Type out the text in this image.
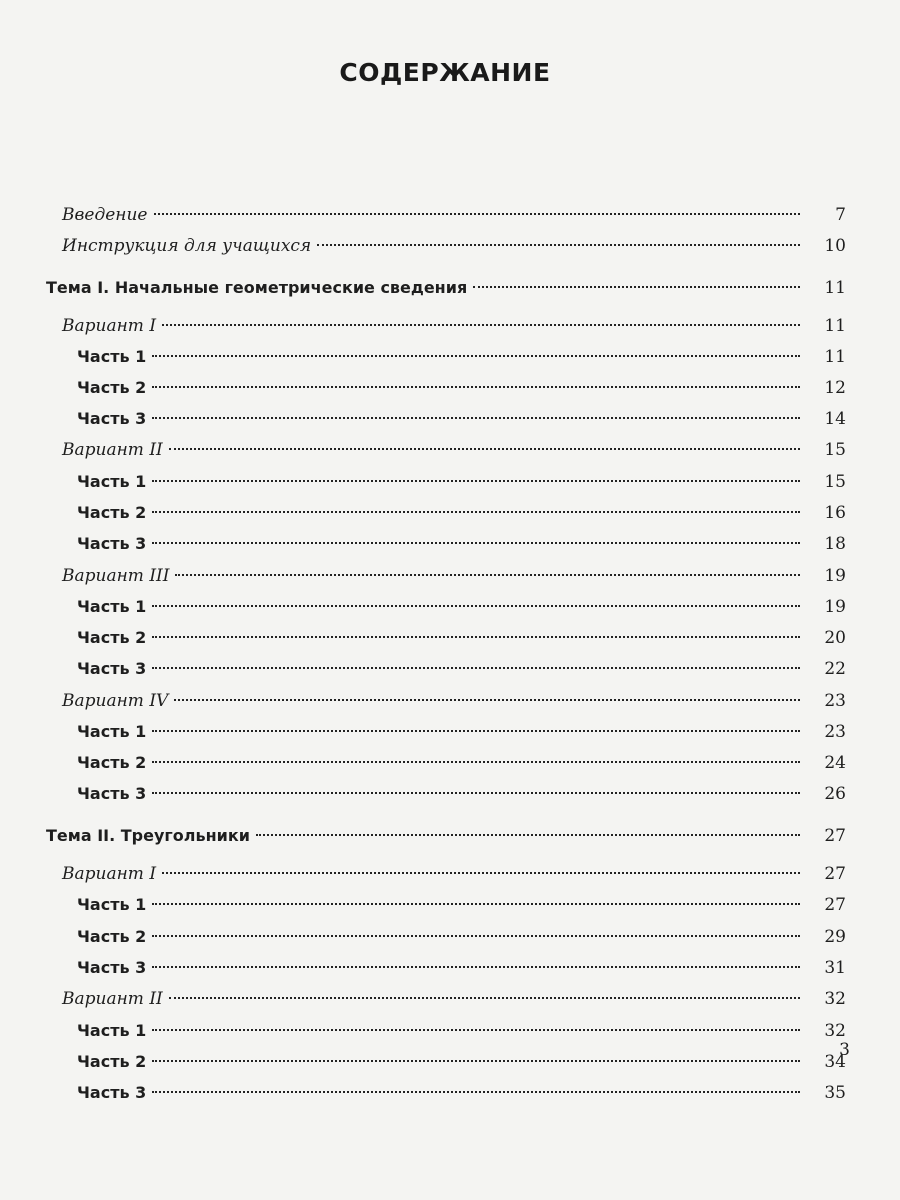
СОДЕРЖАНИЕ
Введение	7
Инструкция для учащихся	10
Тема I. Начальные геометрические сведения	11
Вариант I	11
Часть 1	11
Часть 2	12
Часть 3	14
Вариант II	15
Часть 1	15
Часть 2	16
Часть 3	18
Вариант III	19
Часть 1	19
Часть 2	20
Часть 3	22
Вариант IV	23
Часть 1	23
Часть 2	24
Часть 3	26
Тема II. Треугольники	27
Вариант I	27
Часть 1	27
Часть 2	29
Часть 3	31
Вариант II	32
Часть 1	32
Часть 2	34
Часть 3	35
3
